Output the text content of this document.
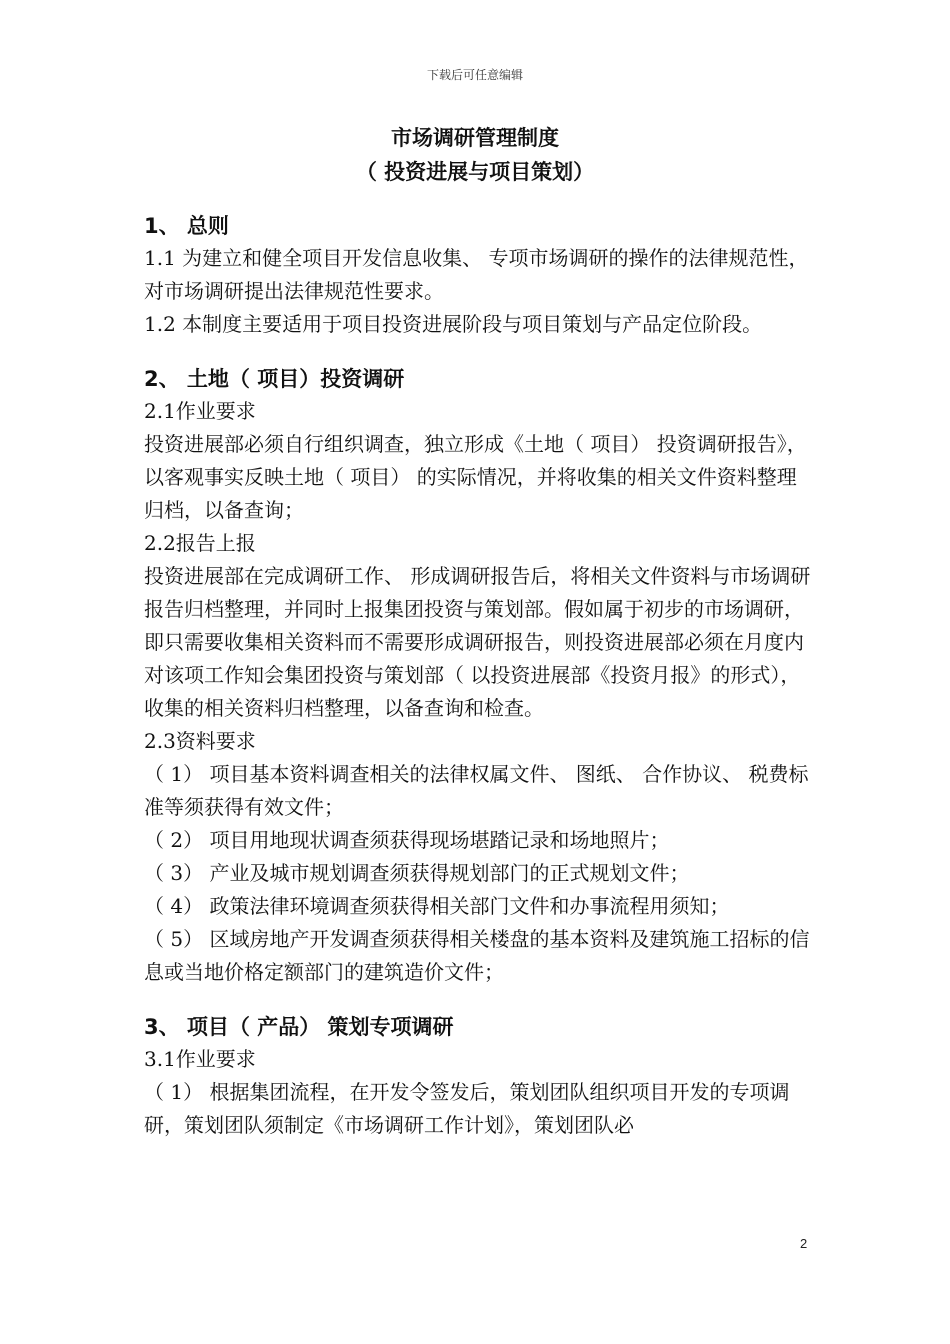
下载后可任意编辑
市场调研管理制度
（ 投资进展与项目策划）
1、 总则

1.1 为建立和健全项目开发信息收集、 专项市场调研的操作的法律规范性，对市场调研提出法律规范性要求。

1.2 本制度主要适用于项目投资进展阶段与项目策划与产品定位阶段。

2、 土地（ 项目）投资调研

2.1作业要求

投资进展部必须自行组织调查，独立形成《土地（ 项目） 投资调研报告》，以客观事实反映土地（ 项目） 的实际情况，并将收集的相关文件资料整理归档，以备查询；

2.2报告上报

投资进展部在完成调研工作、 形成调研报告后，将相关文件资料与市场调研报告归档整理，并同时上报集团投资与策划部。假如属于初步的市场调研，即只需要收集相关资料而不需要形成调研报告，则投资进展部必须在月度内对该项工作知会集团投资与策划部（ 以投资进展部《投资月报》的形式），收集的相关资料归档整理，以备查询和检查。

2.3资料要求

（ 1） 项目基本资料调查相关的法律权属文件、 图纸、 合作协议、 税费标准等须获得有效文件；

（ 2） 项目用地现状调查须获得现场堪踏记录和场地照片；

（ 3） 产业及城市规划调查须获得规划部门的正式规划文件；

（ 4） 政策法律环境调查须获得相关部门文件和办事流程用须知；

（ 5） 区域房地产开发调查须获得相关楼盘的基本资料及建筑施工招标的信息或当地价格定额部门的建筑造价文件；

3、 项目（ 产品） 策划专项调研

3.1作业要求

（ 1） 根据集团流程，在开发令签发后，策划团队组织项目开发的专项调研，策划团队须制定《市场调研工作计划》，策划团队必

2
